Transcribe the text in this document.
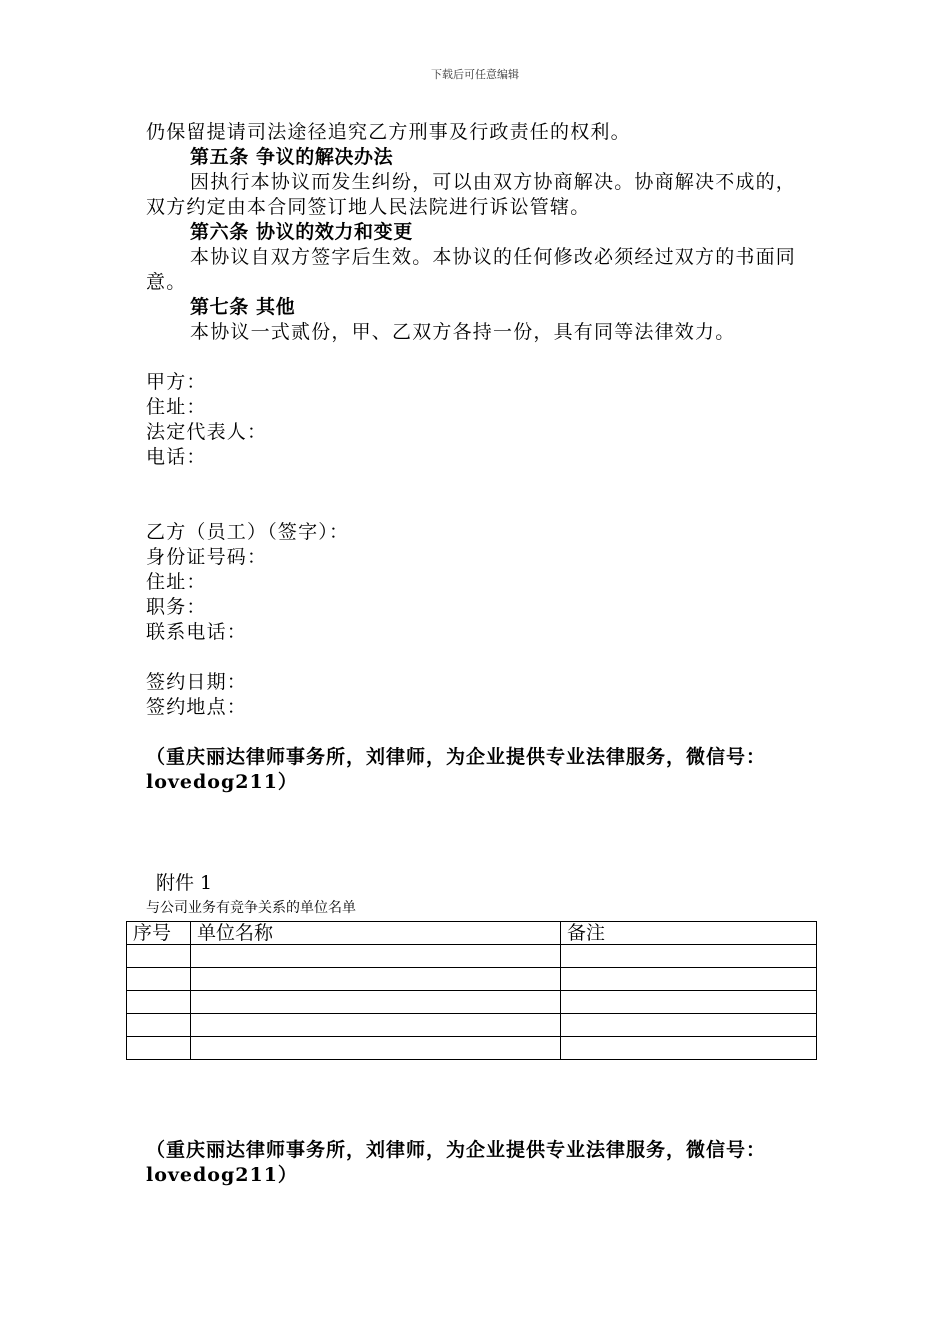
下载后可任意编辑

仍保留提请司法途径追究乙方刑事及行政责任的权利。

第五条 争议的解决办法

因执行本协议而发生纠纷，可以由双方协商解决。协商解决不成的，双方约定由本合同签订地人民法院进行诉讼管辖。

第六条 协议的效力和变更

本协议自双方签字后生效。本协议的任何修改必须经过双方的书面同意。

第七条 其他

本协议一式贰份，甲、乙双方各持一份，具有同等法律效力。

甲方：

住址：

法定代表人：

电话：

乙方（员工）（签字）：

身份证号码：

住址：

职务：

联系电话：

签约日期：

签约地点：

（重庆丽达律师事务所，刘律师，为企业提供专业法律服务，微信号：lovedog211）

附件 1
与公司业务有竞争关系的单位名单
序号	单位名称	备注

（重庆丽达律师事务所，刘律师，为企业提供专业法律服务，微信号：lovedog211）
